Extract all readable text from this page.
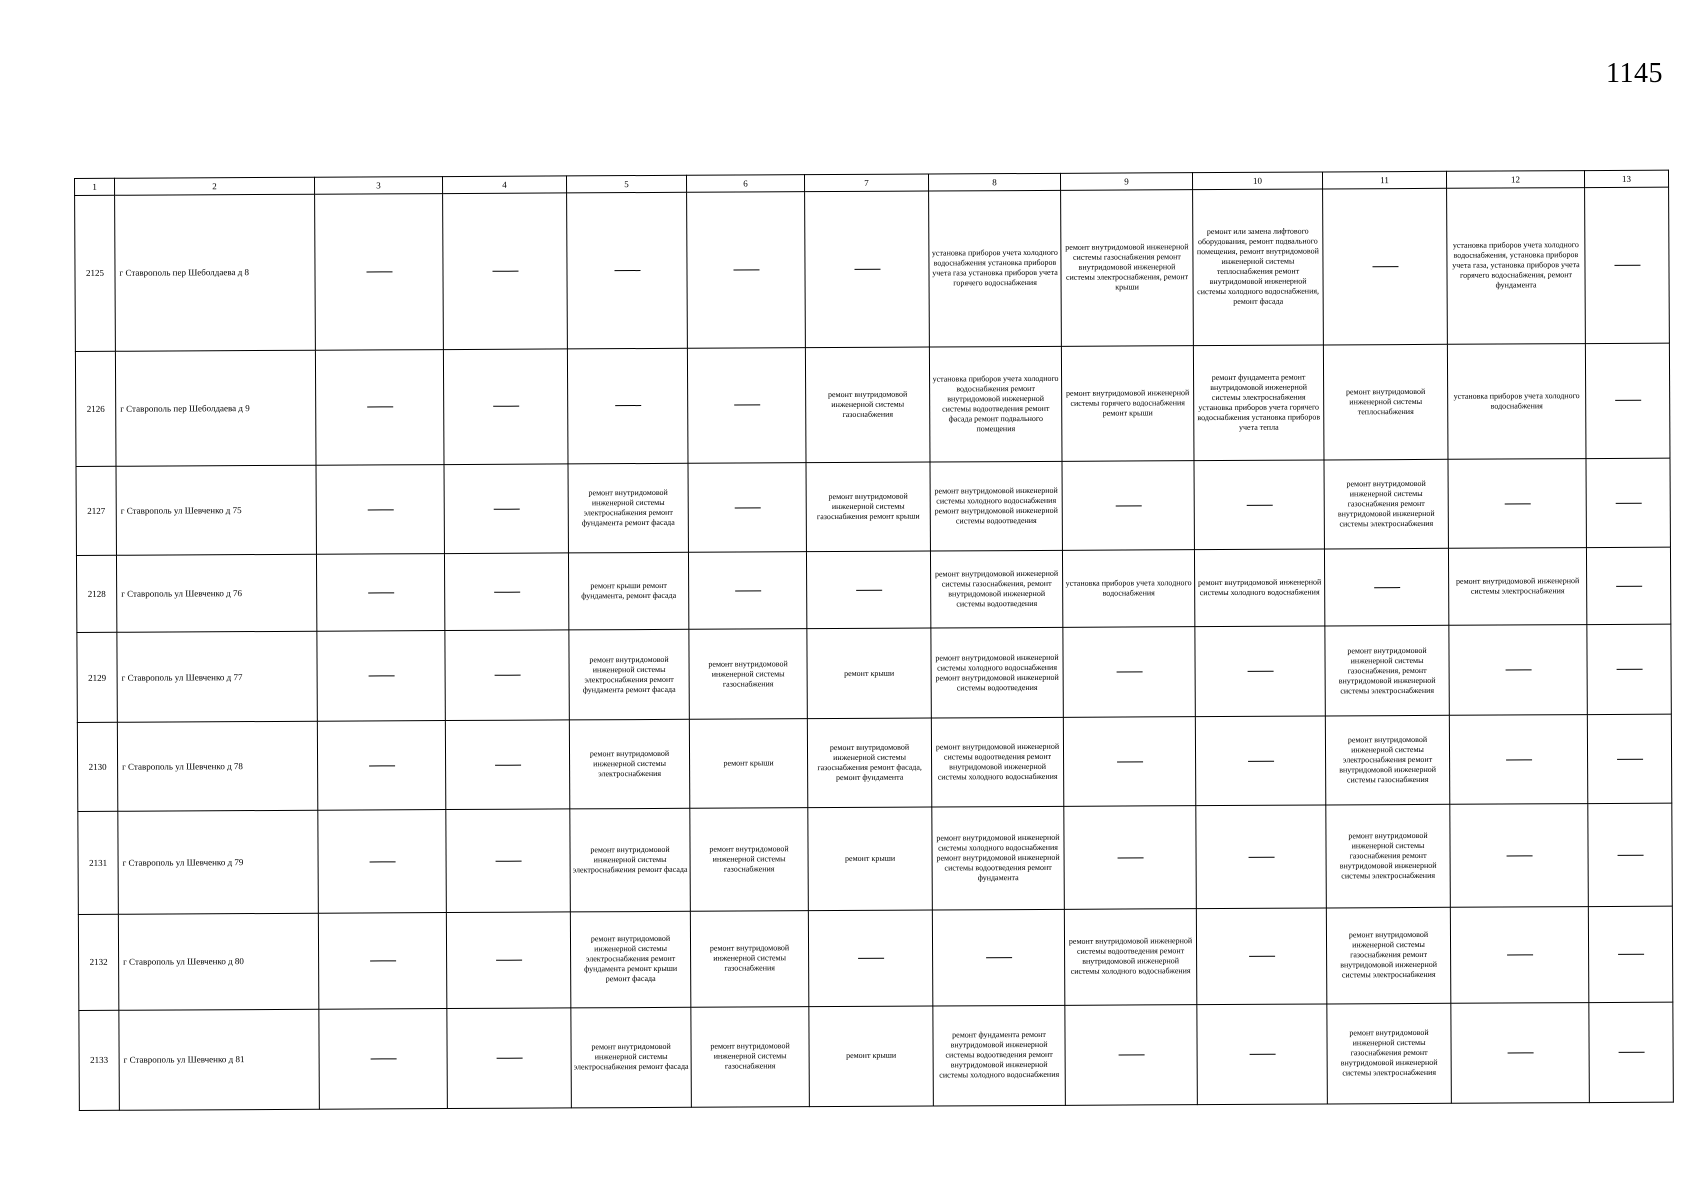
1145
1	2	3	4	5	6	7	8	9	10	11	12	13
2125	г Ставрополь пер Шеболдаева д 8						установка приборов учета холодного водоснабжения установка приборов учета газа установка приборов учета горячего водоснабжения	ремонт внутридомовой инженерной системы газоснабжения ремонт внутридомовой инженерной системы электроснабжения, ремонт крыши	ремонт или замена лифтового оборудования, ремонт подвального помещения, ремонт внутридомовой инженерной системы теплоснабжения ремонт внутридомовой инженерной системы холодного водоснабжения, ремонт фасада		установка приборов учета холодного водоснабжения, установка приборов учета газа, установка приборов учета горячего водоснабжения, ремонт фундамента	
2126	г Ставрополь пер Шеболдаева д 9					ремонт внутридомовой инженерной системы газоснабжения	установка приборов учета холодного водоснабжения ремонт внутридомовой инженерной системы водоотведения ремонт фасада ремонт подвального помещения	ремонт внутридомовой инженерной системы горячего водоснабжения ремонт крыши	ремонт фундамента ремонт внутридомовой инженерной системы электроснабжения установка приборов учета горячего водоснабжения установка приборов учета тепла	ремонт внутридомовой инженерной системы теплоснабжения	установка приборов учета холодного водоснабжения	
2127	г Ставрополь ул Шевченко д 75			ремонт внутридомовой инженерной системы электроснабжения ремонт фундамента ремонт фасада		ремонт внутридомовой инженерной системы газоснабжения ремонт крыши	ремонт внутридомовой инженерной системы холодного водоснабжения ремонт внутридомовой инженерной системы водоотведения			ремонт внутридомовой инженерной системы газоснабжения ремонт внутридомовой инженерной системы электроснабжения		
2128	г Ставрополь ул Шевченко д 76			ремонт крыши ремонт фундамента, ремонт фасада			ремонт внутридомовой инженерной системы газоснабжения, ремонт внутридомовой инженерной системы водоотведения	установка приборов учета холодного водоснабжения	ремонт внутридомовой инженерной системы холодного водоснабжения		ремонт внутридомовой инженерной системы электроснабжения	
2129	г Ставрополь ул Шевченко д 77			ремонт внутридомовой инженерной системы электроснабжения ремонт фундамента ремонт фасада	ремонт внутридомовой инженерной системы газоснабжения	ремонт крыши	ремонт внутридомовой инженерной системы холодного водоснабжения ремонт внутридомовой инженерной системы водоотведения			ремонт внутридомовой инженерной системы газоснабжения, ремонт внутридомовой инженерной системы электроснабжения		
2130	г Ставрополь ул Шевченко д 78			ремонт внутридомовой инженерной системы электроснабжения	ремонт крыши	ремонт внутридомовой инженерной системы газоснабжения ремонт фасада, ремонт фундамента	ремонт внутридомовой инженерной системы водоотведения ремонт внутридомовой инженерной системы холодного водоснабжения			ремонт внутридомовой инженерной системы электроснабжения ремонт внутридомовой инженерной системы газоснабжения		
2131	г Ставрополь ул Шевченко д 79			ремонт внутридомовой инженерной системы электроснабжения ремонт фасада	ремонт внутридомовой инженерной системы газоснабжения	ремонт крыши	ремонт внутридомовой инженерной системы холодного водоснабжения ремонт внутридомовой инженерной системы водоотведения ремонт фундамента			ремонт внутридомовой инженерной системы газоснабжения ремонт внутридомовой инженерной системы электроснабжения		
2132	г Ставрополь ул Шевченко д 80			ремонт внутридомовой инженерной системы электроснабжения ремонт фундамента ремонт крыши ремонт фасада	ремонт внутридомовой инженерной системы газоснабжения			ремонт внутридомовой инженерной системы водоотведения ремонт внутридомовой инженерной системы холодного водоснабжения		ремонт внутридомовой инженерной системы газоснабжения ремонт внутридомовой инженерной системы электроснабжения		
2133	г Ставрополь ул Шевченко д 81			ремонт внутридомовой инженерной системы электроснабжения ремонт фасада	ремонт внутридомовой инженерной системы газоснабжения	ремонт крыши	ремонт фундамента ремонт внутридомовой инженерной системы водоотведения ремонт внутридомовой инженерной системы холодного водоснабжения			ремонт внутридомовой инженерной системы газоснабжения ремонт внутридомовой инженерной системы электроснабжения		
